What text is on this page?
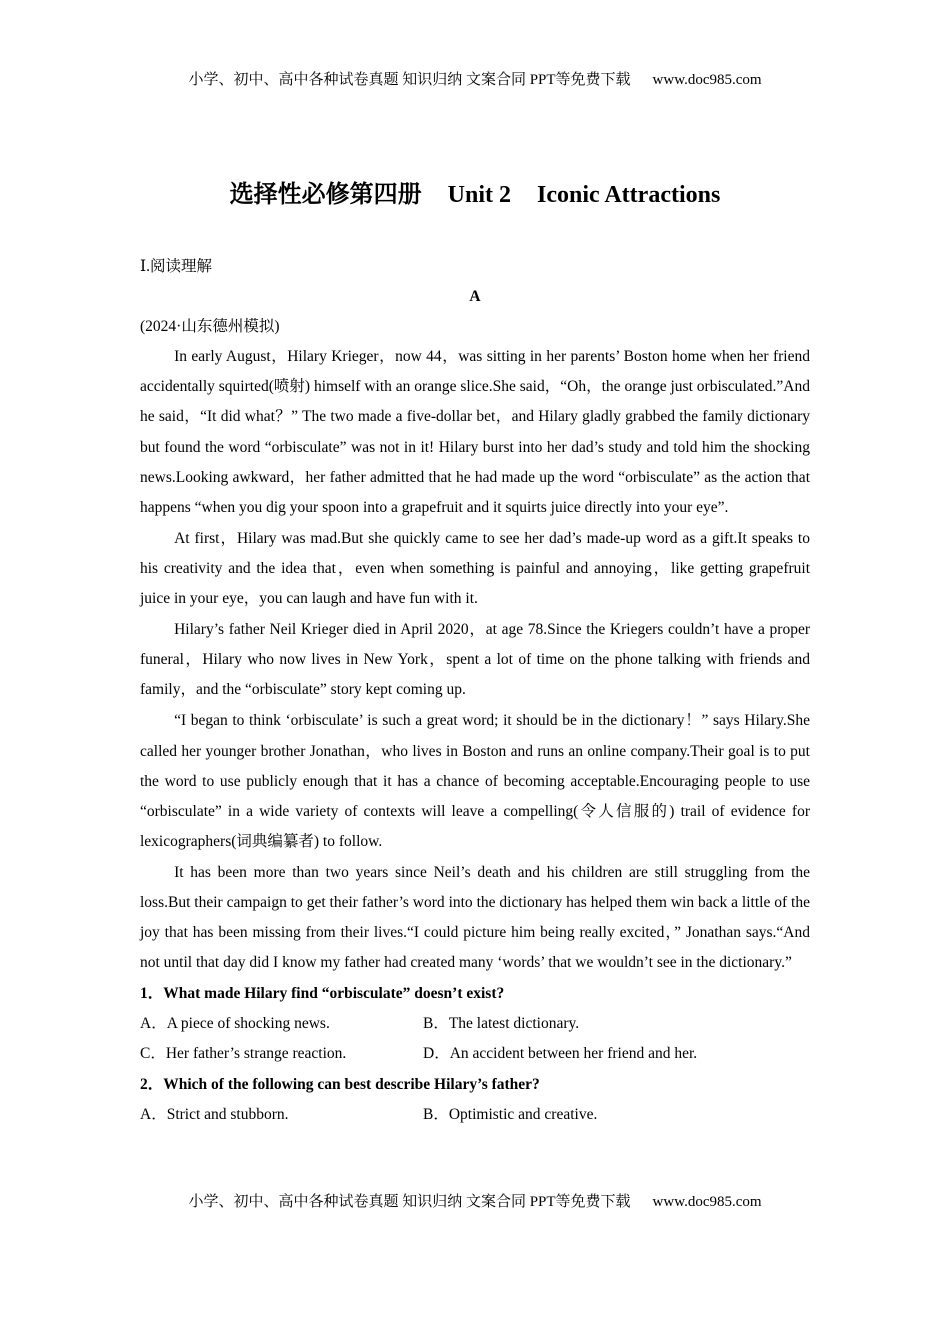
小学、初中、高中各种试卷真题 知识归纳 文案合同 PPT等免费下载 www.doc985.com
选择性必修第四册 Unit 2 Iconic Attractions

Ⅰ.阅读理解

A

(2024·山东德州模拟)

In early August，Hilary Krieger，now 44，was sitting in her parents’ Boston home when her friend accidentally squirted(喷射) himself with an orange slice.She said，“Oh，the orange just orbisculated.”And he said，“It did what？” The two made a five-dollar bet，and Hilary gladly grabbed the family dictionary but found the word “orbisculate” was not in it! Hilary burst into her dad’s study and told him the shocking news.Looking awkward，her father admitted that he had made up the word “orbisculate” as the action that happens “when you dig your spoon into a grapefruit and it squirts juice directly into your eye”.

At first，Hilary was mad.But she quickly came to see her dad’s made-up word as a gift.It speaks to his creativity and the idea that，even when something is painful and annoying，like getting grapefruit juice in your eye，you can laugh and have fun with it.

Hilary’s father Neil Krieger died in April 2020，at age 78.Since the Kriegers couldn’t have a proper funeral，Hilary who now lives in New York，spent a lot of time on the phone talking with friends and family，and the “orbisculate” story kept coming up.

“I began to think ‘orbisculate’ is such a great word; it should be in the dictionary！” says Hilary.She called her younger brother Jonathan，who lives in Boston and runs an online company.Their goal is to put the word to use publicly enough that it has a chance of becoming acceptable.Encouraging people to use “orbisculate” in a wide variety of contexts will leave a compelling(令人信服的) trail of evidence for lexicographers(词典编纂者) to follow.

It has been more than two years since Neil’s death and his children are still struggling from the loss.But their campaign to get their father’s word into the dictionary has helped them win back a little of the joy that has been missing from their lives.“I could picture him being really excited，” Jonathan says.“And not until that day did I know my father had created many ‘words’ that we wouldn’t see in the dictionary.”

1．What made Hilary find “orbisculate” doesn’t exist?

A．A piece of shocking news.	B．The latest dictionary.
C．Her father’s strange reaction.	D．An accident between her friend and her.

2．Which of the following can best describe Hilary’s father?

A．Strict and stubborn.	B．Optimistic and creative.
小学、初中、高中各种试卷真题 知识归纳 文案合同 PPT等免费下载 www.doc985.com
